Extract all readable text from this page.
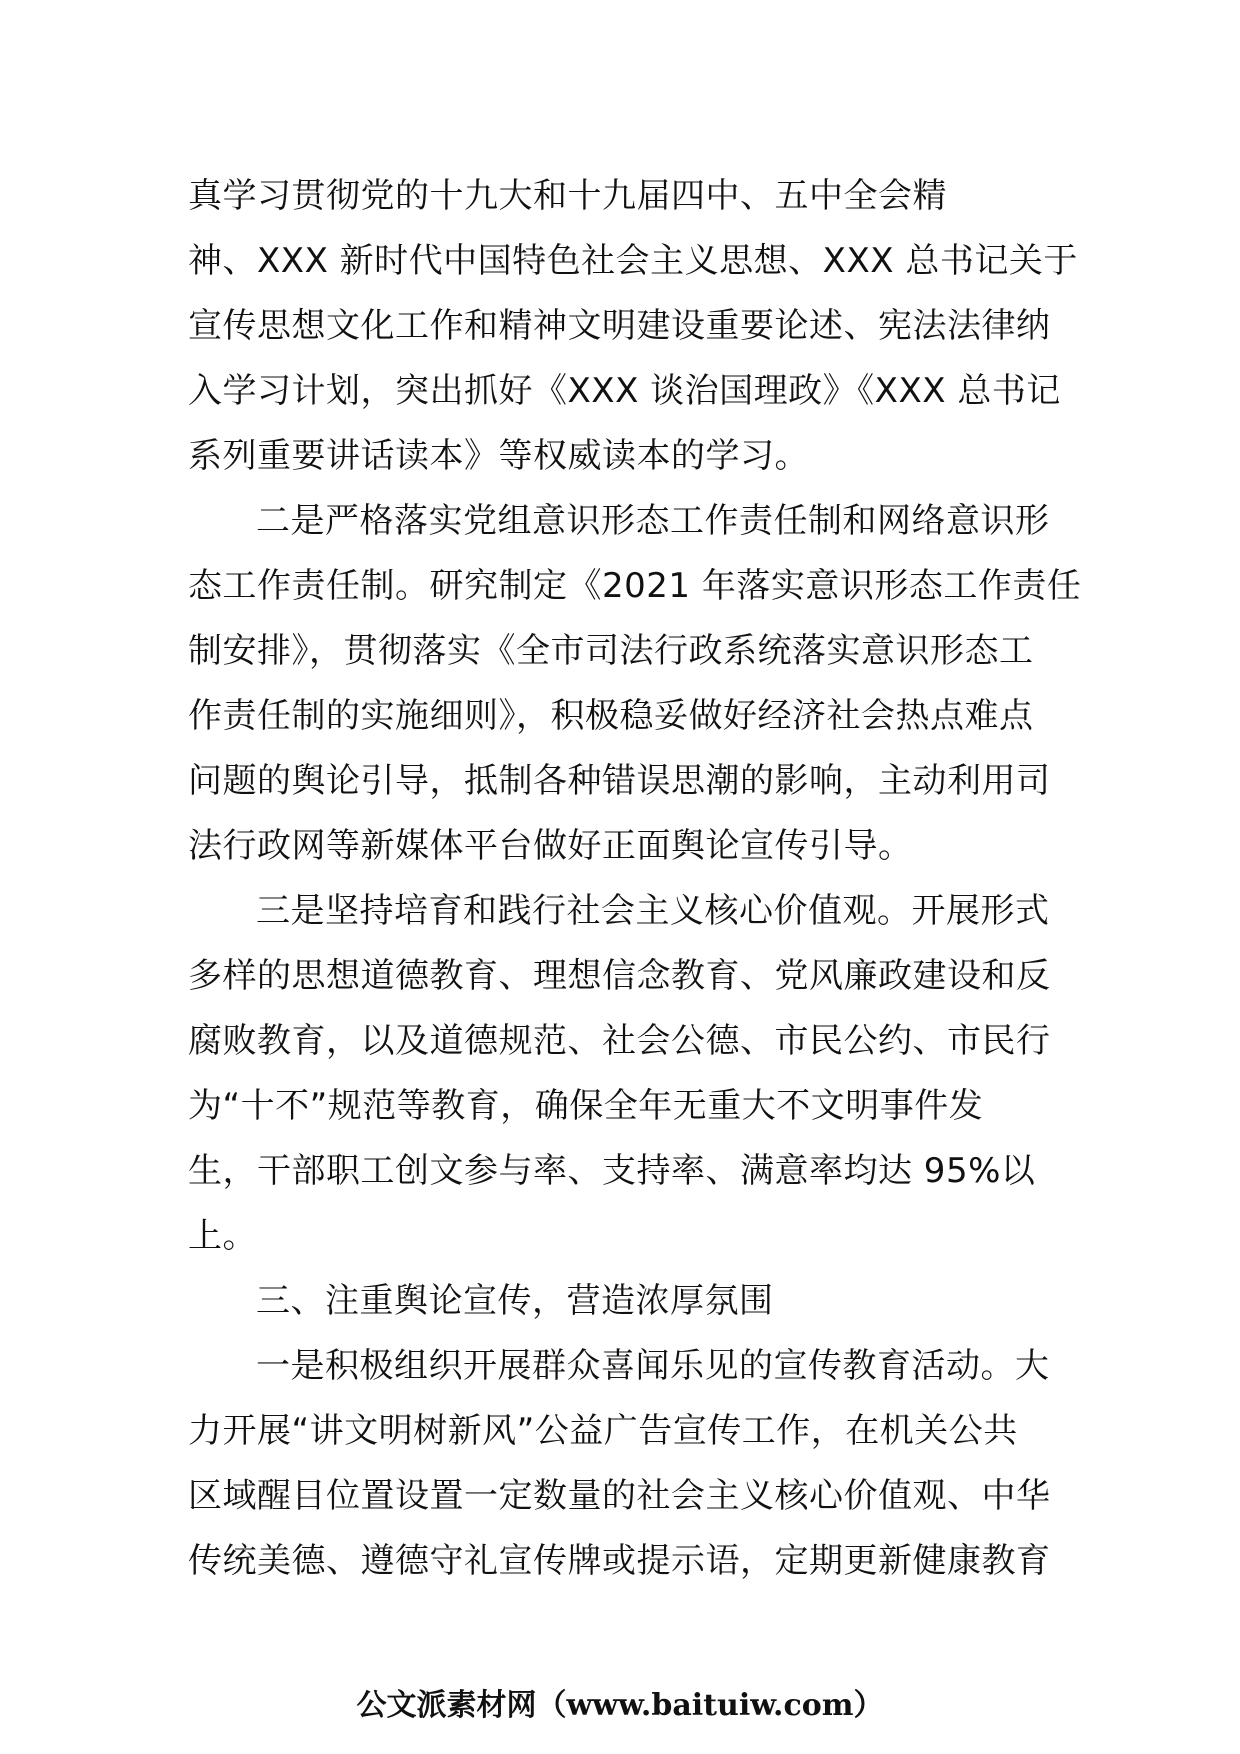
真学习贯彻党的十九大和十九届四中、五中全会精
神、XXX 新时代中国特色社会主义思想、XXX 总书记关于
宣传思想文化工作和精神文明建设重要论述、宪法法律纳
入学习计划，突出抓好《XXX 谈治国理政》《XXX 总书记
系列重要讲话读本》等权威读本的学习。
二是严格落实党组意识形态工作责任制和网络意识形
态工作责任制。研究制定《2021 年落实意识形态工作责任
制安排》，贯彻落实《全市司法行政系统落实意识形态工
作责任制的实施细则》，积极稳妥做好经济社会热点难点
问题的舆论引导，抵制各种错误思潮的影响，主动利用司
法行政网等新媒体平台做好正面舆论宣传引导。
三是坚持培育和践行社会主义核心价值观。开展形式
多样的思想道德教育、理想信念教育、党风廉政建设和反
腐败教育，以及道德规范、社会公德、市民公约、市民行
为“十不”规范等教育，确保全年无重大不文明事件发
生，干部职工创文参与率、支持率、满意率均达 95%以
上。
三、注重舆论宣传，营造浓厚氛围
一是积极组织开展群众喜闻乐见的宣传教育活动。大
力开展“讲文明树新风”公益广告宣传工作，在机关公共
区域醒目位置设置一定数量的社会主义核心价值观、中华
传统美德、遵德守礼宣传牌或提示语，定期更新健康教育
公文派素材网（www.baituiw.com）
